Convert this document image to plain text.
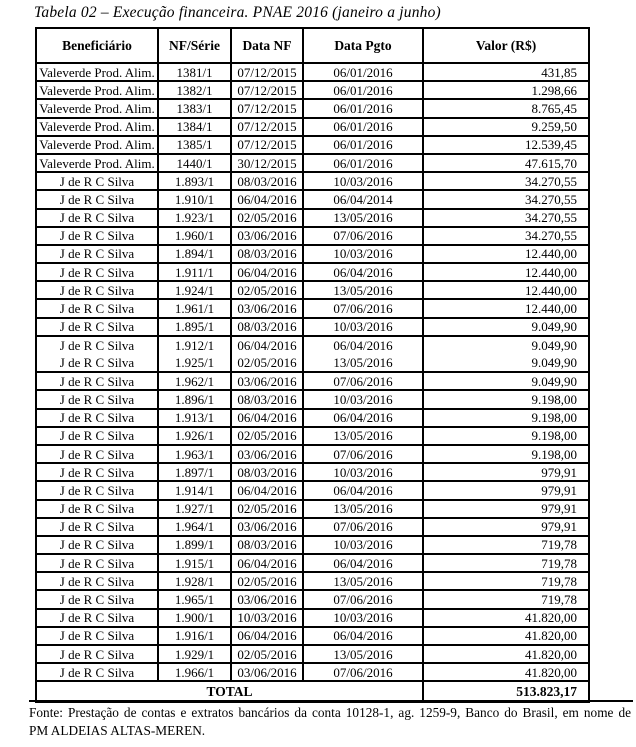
Tabela 02 – Execução financeira. PNAE 2016 (janeiro a junho)
Beneficiário	NF/Série	Data NF	Data Pgto	Valor (R$)
Valeverde Prod. Alim.	1381/1	07/12/2015	06/01/2016	431,85
Valeverde Prod. Alim.	1382/1	07/12/2015	06/01/2016	1.298,66
Valeverde Prod. Alim.	1383/1	07/12/2015	06/01/2016	8.765,45
Valeverde Prod. Alim.	1384/1	07/12/2015	06/01/2016	9.259,50
Valeverde Prod. Alim.	1385/1	07/12/2015	06/01/2016	12.539,45
Valeverde Prod. Alim.	1440/1	30/12/2015	06/01/2016	47.615,70
J de R C Silva	1.893/1	08/03/2016	10/03/2016	34.270,55
J de R C Silva	1.910/1	06/04/2016	06/04/2014	34.270,55
J de R C Silva	1.923/1	02/05/2016	13/05/2016	34.270,55
J de R C Silva	1.960/1	03/06/2016	07/06/2016	34.270,55
J de R C Silva	1.894/1	08/03/2016	10/03/2016	12.440,00
J de R C Silva	1.911/1	06/04/2016	06/04/2016	12.440,00
J de R C Silva	1.924/1	02/05/2016	13/05/2016	12.440,00
J de R C Silva	1.961/1	03/06/2016	07/06/2016	12.440,00
J de R C Silva	1.895/1	08/03/2016	10/03/2016	9.049,90
J de R C Silva	1.912/1	06/04/2016	06/04/2016	9.049,90
J de R C Silva	1.925/1	02/05/2016	13/05/2016	9.049,90
J de R C Silva	1.962/1	03/06/2016	07/06/2016	9.049,90
J de R C Silva	1.896/1	08/03/2016	10/03/2016	9.198,00
J de R C Silva	1.913/1	06/04/2016	06/04/2016	9.198,00
J de R C Silva	1.926/1	02/05/2016	13/05/2016	9.198,00
J de R C Silva	1.963/1	03/06/2016	07/06/2016	9.198,00
J de R C Silva	1.897/1	08/03/2016	10/03/2016	979,91
J de R C Silva	1.914/1	06/04/2016	06/04/2016	979,91
J de R C Silva	1.927/1	02/05/2016	13/05/2016	979,91
J de R C Silva	1.964/1	03/06/2016	07/06/2016	979,91
J de R C Silva	1.899/1	08/03/2016	10/03/2016	719,78
J de R C Silva	1.915/1	06/04/2016	06/04/2016	719,78
J de R C Silva	1.928/1	02/05/2016	13/05/2016	719,78
J de R C Silva	1.965/1	03/06/2016	07/06/2016	719,78
J de R C Silva	1.900/1	10/03/2016	10/03/2016	41.820,00
J de R C Silva	1.916/1	06/04/2016	06/04/2016	41.820,00
J de R C Silva	1.929/1	02/05/2016	13/05/2016	41.820,00
J de R C Silva	1.966/1	03/06/2016	07/06/2016	41.820,00
TOTAL				513.823,17
Fonte: Prestação de contas e extratos bancários da conta 10128-1, ag. 1259-9, Banco do Brasil, em nome de
PM ALDEIAS ALTAS-MEREN.
